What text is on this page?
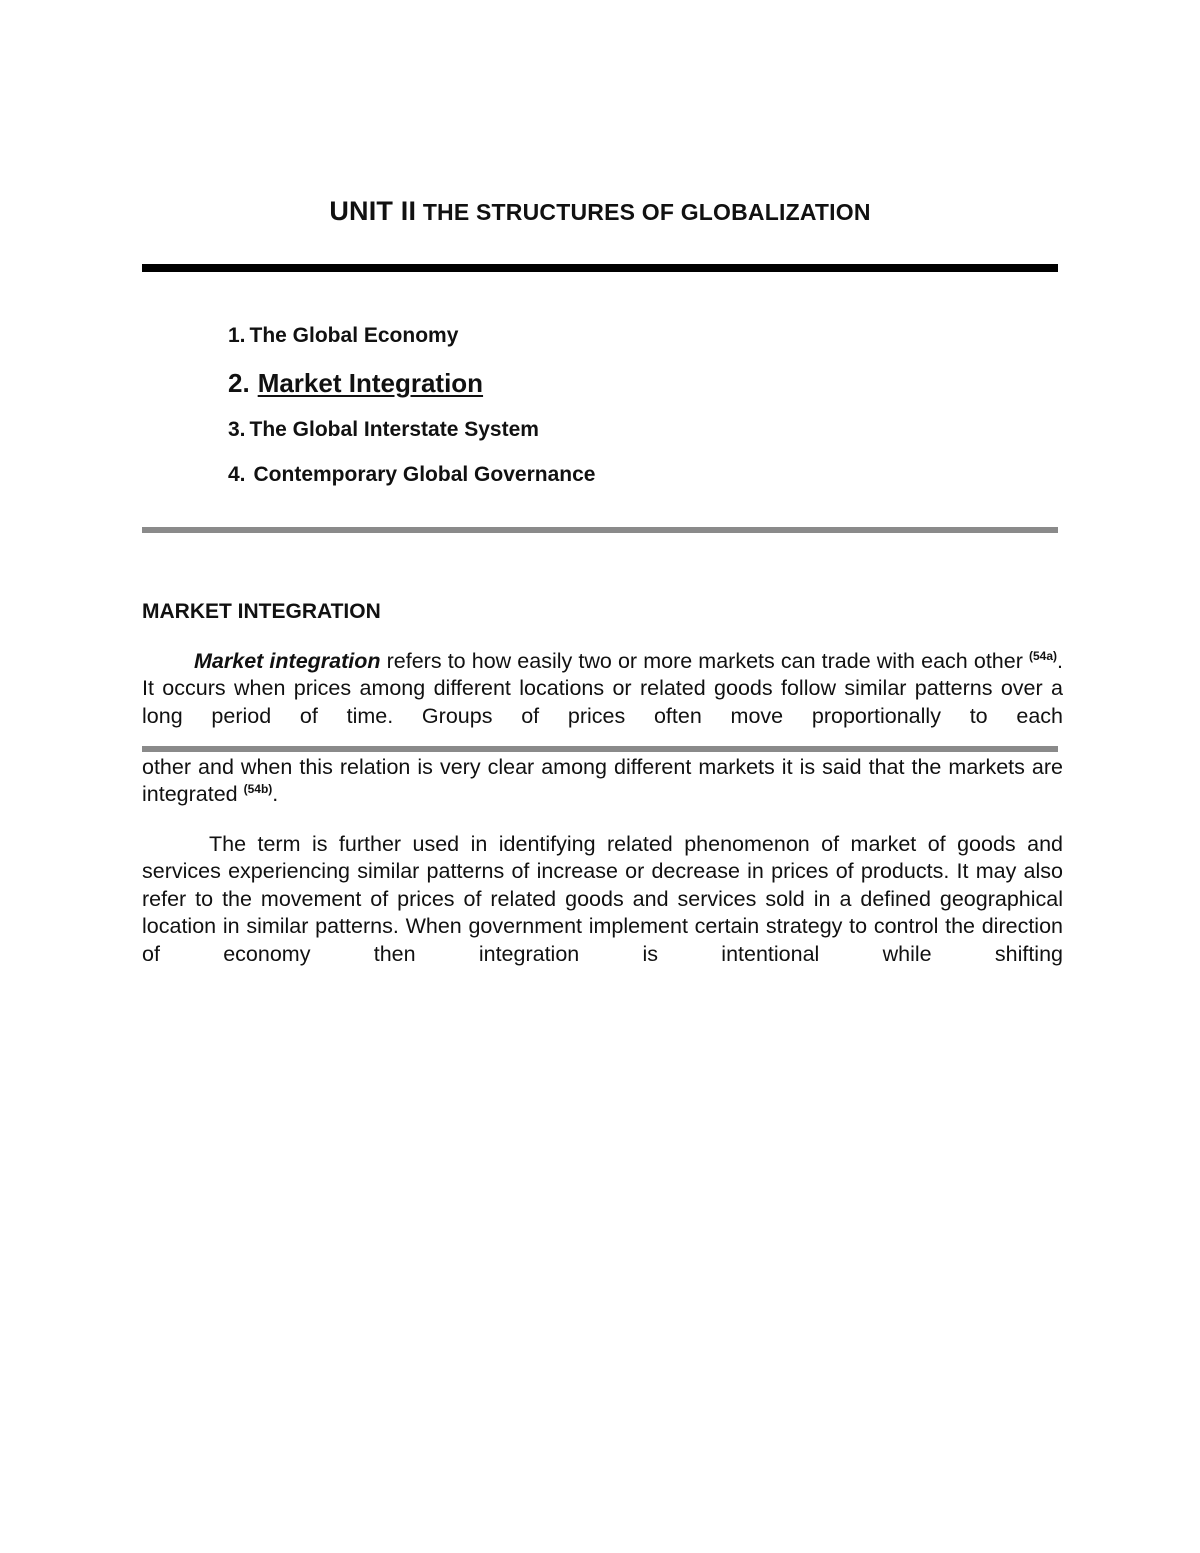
UNIT II THE STRUCTURES OF GLOBALIZATION
1. The Global Economy
2. Market Integration
3. The Global Interstate System
4. Contemporary Global Governance
MARKET INTEGRATION
Market integration refers to how easily two or more markets can trade with each other $^{(54a)}$. It occurs when prices among different locations or related goods follow similar patterns over a long period of time. Groups of prices often move proportionally to each
other and when this relation is very clear among different markets it is said that the markets are integrated $^{(54b)}$.
The term is further used in identifying related phenomenon of market of goods and services experiencing similar patterns of increase or decrease in prices of products. It may also refer to the movement of prices of related goods and services sold in a defined geographical location in similar patterns. When government implement certain strategy to control the direction of economy then integration is intentional while shifting
